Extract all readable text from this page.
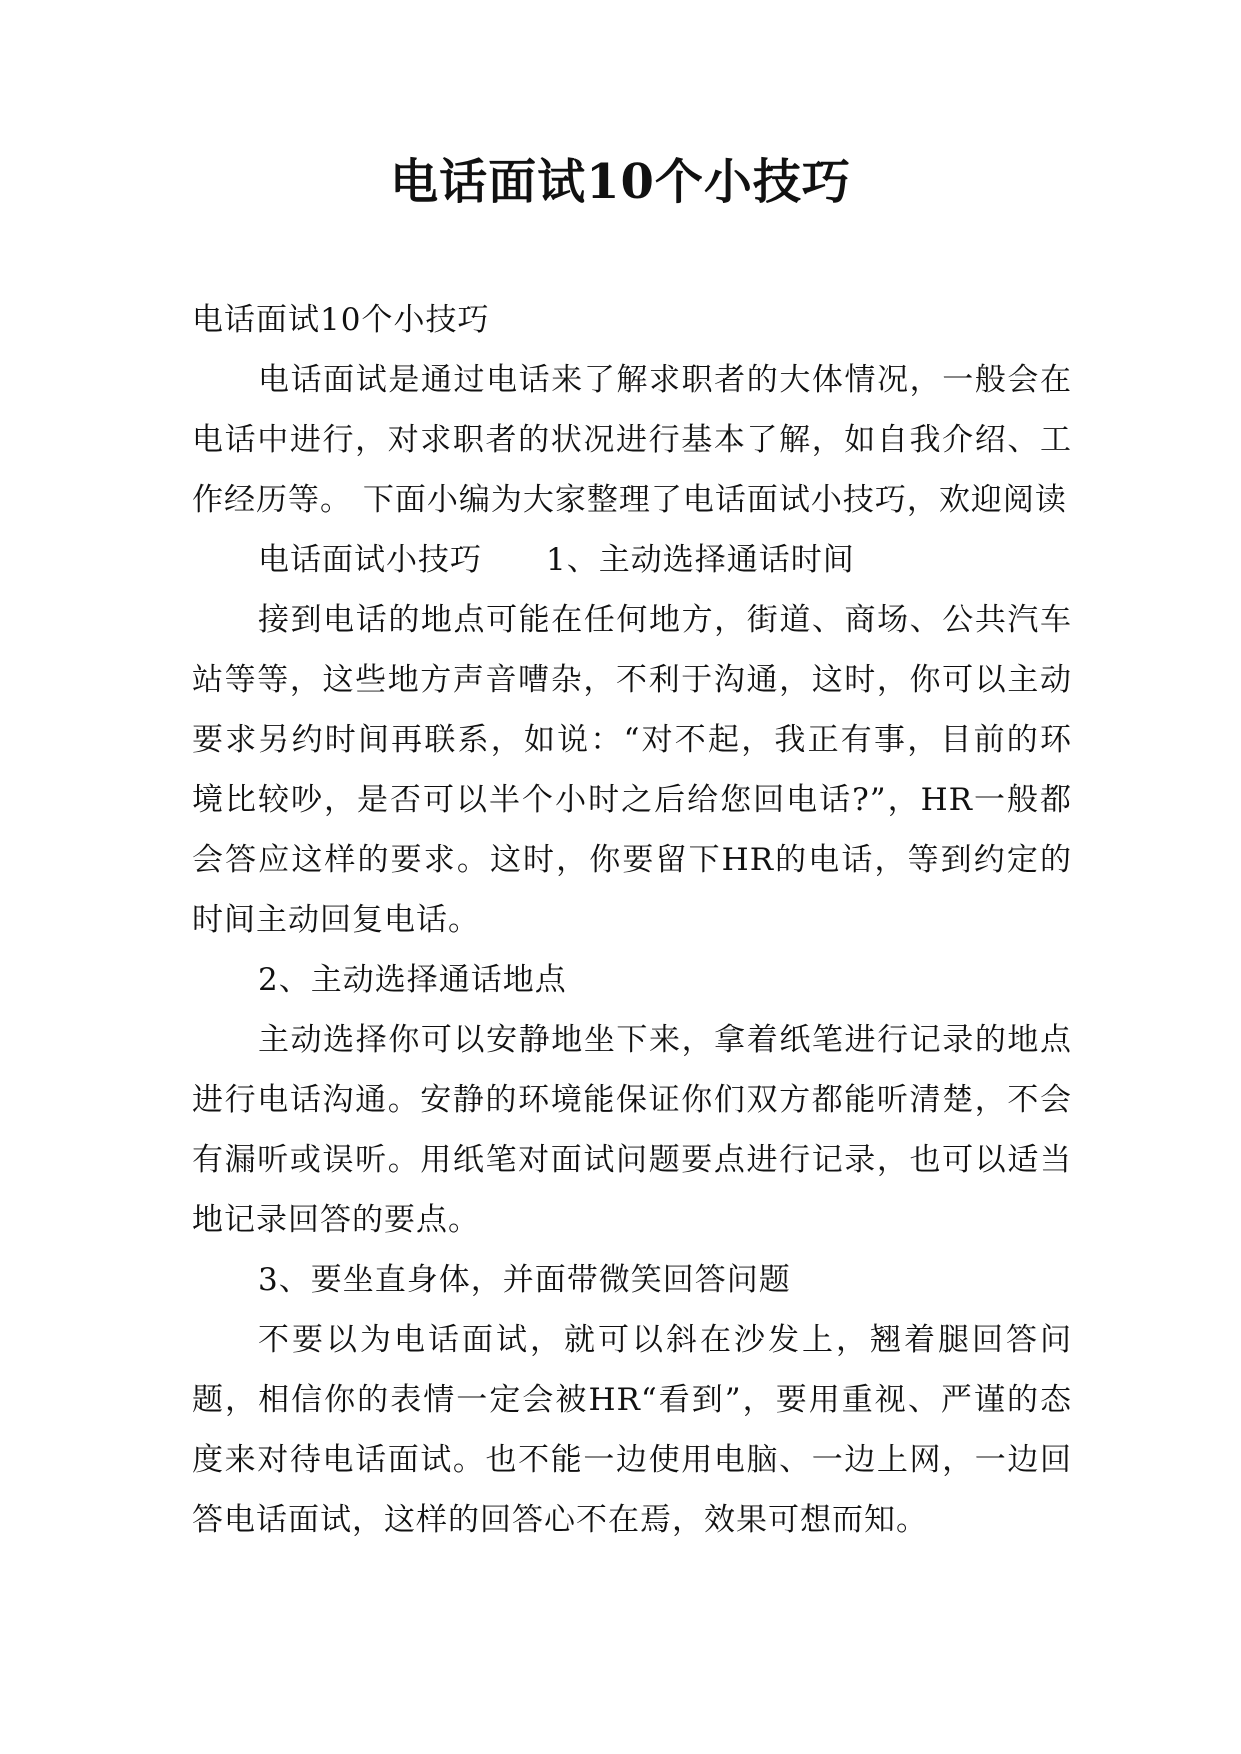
电话面试10个小技巧

电话面试10个小技巧

电话面试是通过电话来了解求职者的大体情况，一般会在电话中进行，对求职者的状况进行基本了解，如自我介绍、工作经历等。 下面小编为大家整理了电话面试小技巧，欢迎阅读

电话面试小技巧　　1、主动选择通话时间

接到电话的地点可能在任何地方，街道、商场、公共汽车站等等，这些地方声音嘈杂，不利于沟通，这时，你可以主动要求另约时间再联系，如说：“对不起，我正有事，目前的环境比较吵，是否可以半个小时之后给您回电话?”，HR一般都会答应这样的要求。这时，你要留下HR的电话，等到约定的时间主动回复电话。

2、主动选择通话地点

主动选择你可以安静地坐下来，拿着纸笔进行记录的地点进行电话沟通。安静的环境能保证你们双方都能听清楚，不会有漏听或误听。用纸笔对面试问题要点进行记录，也可以适当地记录回答的要点。

3、要坐直身体，并面带微笑回答问题

不要以为电话面试，就可以斜在沙发上，翘着腿回答问题，相信你的表情一定会被HR“看到”，要用重视、严谨的态度来对待电话面试。也不能一边使用电脑、一边上网，一边回答电话面试，这样的回答心不在焉，效果可想而知。
